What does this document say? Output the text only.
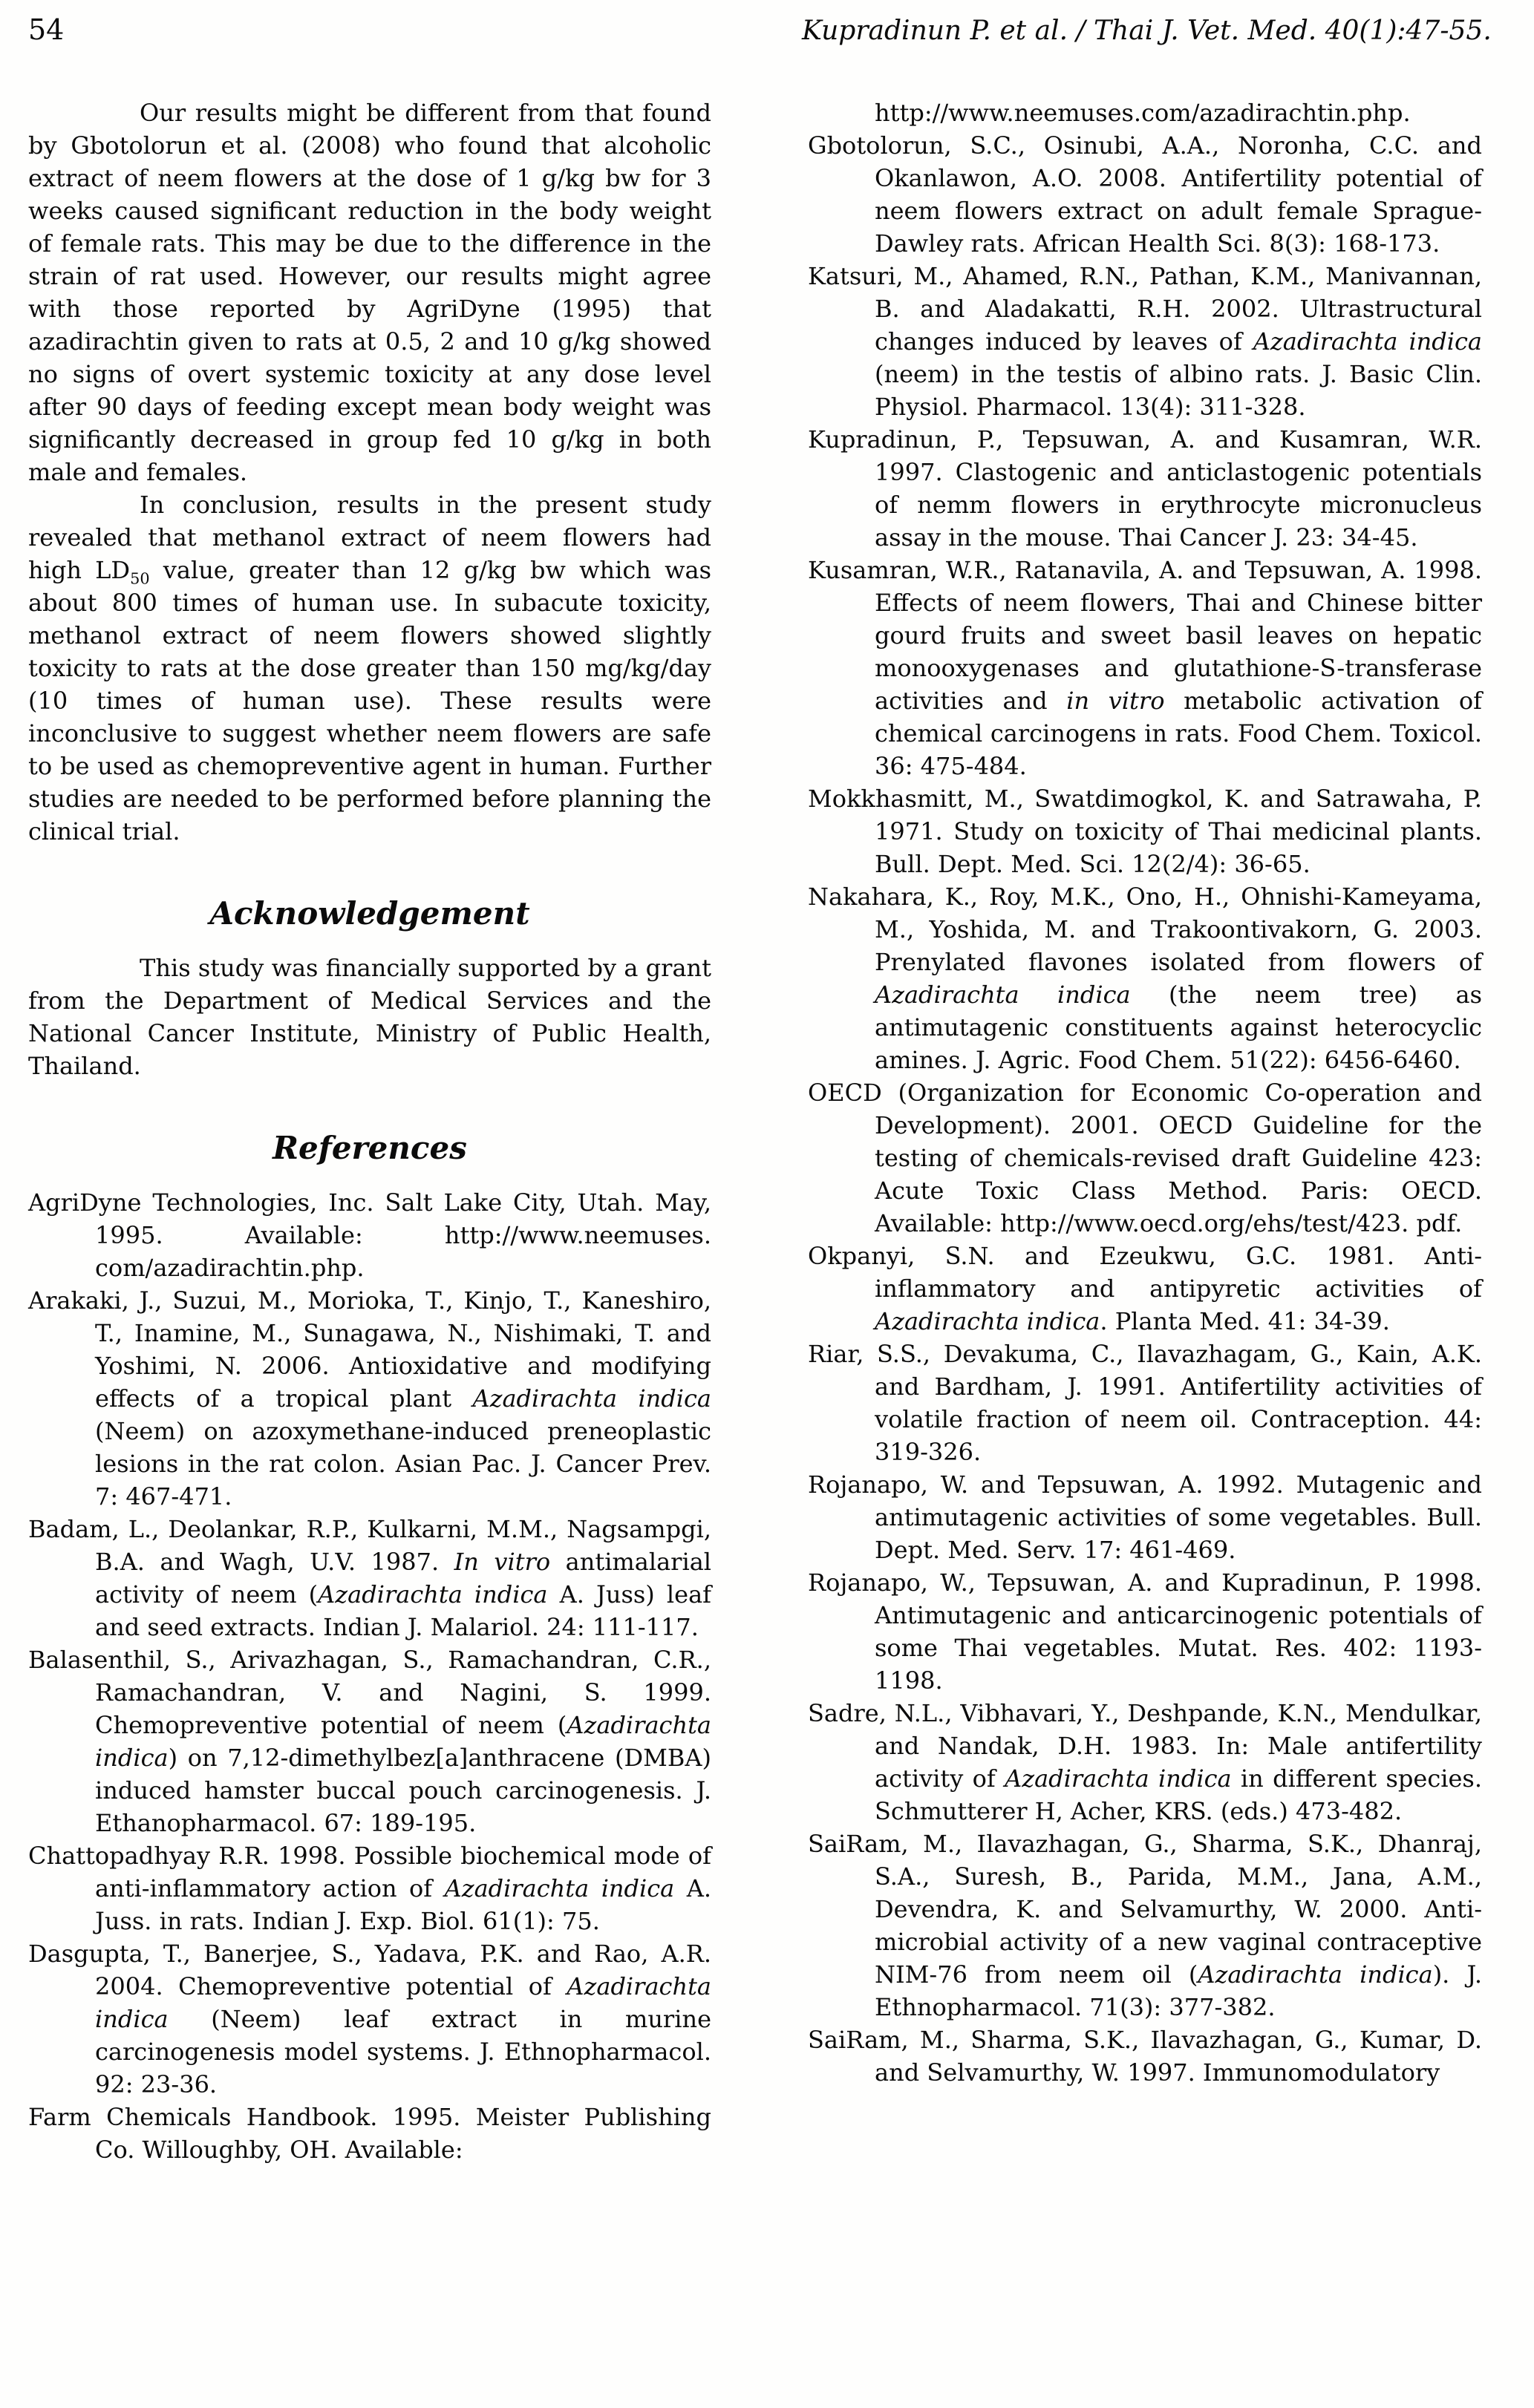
54	Kupradinun P. et al. / Thai J. Vet. Med. 40(1):47-55.

Our results might be different from that found by Gbotolorun et al. (2008) who found that alcoholic extract of neem flowers at the dose of 1 g/kg bw for 3 weeks caused significant reduction in the body weight of female rats. This may be due to the difference in the strain of rat used. However, our results might agree with those reported by AgriDyne (1995) that azadirachtin given to rats at 0.5, 2 and 10 g/kg showed no signs of overt systemic toxicity at any dose level after 90 days of feeding except mean body weight was significantly decreased in group fed 10 g/kg in both male and females.

In conclusion, results in the present study revealed that methanol extract of neem flowers had high $LD_{50}$ value, greater than 12 g/kg bw which was about 800 times of human use. In subacute toxicity, methanol extract of neem flowers showed slightly toxicity to rats at the dose greater than 150 mg/kg/day (10 times of human use). These results were inconclusive to suggest whether neem flowers are safe to be used as chemopreventive agent in human. Further studies are needed to be performed before planning the clinical trial.

Acknowledgement

This study was financially supported by a grant from the Department of Medical Services and the National Cancer Institute, Ministry of Public Health, Thailand.

References

AgriDyne Technologies, Inc. Salt Lake City, Utah. May, 1995. Available: http://www.neemuses. com/azadirachtin.php.

Arakaki, J., Suzui, M., Morioka, T., Kinjo, T., Kaneshiro, T., Inamine, M., Sunagawa, N., Nishimaki, T. and Yoshimi, N. 2006. Antioxidative and modifying effects of a tropical plant Azadirachta indica (Neem) on azoxymethane-induced preneoplastic lesions in the rat colon. Asian Pac. J. Cancer Prev. 7: 467-471.

Badam, L., Deolankar, R.P., Kulkarni, M.M., Nagsampgi, B.A. and Wagh, U.V. 1987. In vitro antimalarial activity of neem (Azadirachta indica A. Juss) leaf and seed extracts. Indian J. Malariol. 24: 111-117.

Balasenthil, S., Arivazhagan, S., Ramachandran, C.R., Ramachandran, V. and Nagini, S. 1999. Chemopreventive potential of neem (Azadirachta indica) on 7,12-dimethylbez[a]anthracene (DMBA) induced hamster buccal pouch carcinogenesis. J. Ethanopharmacol. 67: 189-195.

Chattopadhyay R.R. 1998. Possible biochemical mode of anti-inflammatory action of Azadirachta indica A. Juss. in rats. Indian J. Exp. Biol. 61(1): 75.

Dasgupta, T., Banerjee, S., Yadava, P.K. and Rao, A.R. 2004. Chemopreventive potential of Azadirachta indica (Neem) leaf extract in murine carcinogenesis model systems. J. Ethnopharmacol. 92: 23-36.

Farm Chemicals Handbook. 1995. Meister Publishing Co. Willoughby, OH. Available:

http://www.neemuses.com/azadirachtin.php.

Gbotolorun, S.C., Osinubi, A.A., Noronha, C.C. and Okanlawon, A.O. 2008. Antifertility potential of neem flowers extract on adult female Sprague-Dawley rats. African Health Sci. 8(3): 168-173.

Katsuri, M., Ahamed, R.N., Pathan, K.M., Manivannan, B. and Aladakatti, R.H. 2002. Ultrastructural changes induced by leaves of Azadirachta indica (neem) in the testis of albino rats. J. Basic Clin. Physiol. Pharmacol. 13(4): 311-328.

Kupradinun, P., Tepsuwan, A. and Kusamran, W.R. 1997. Clastogenic and anticlastogenic potentials of nemm flowers in erythrocyte micronucleus assay in the mouse. Thai Cancer J. 23: 34-45.

Kusamran, W.R., Ratanavila, A. and Tepsuwan, A. 1998. Effects of neem flowers, Thai and Chinese bitter gourd fruits and sweet basil leaves on hepatic monooxygenases and glutathione-S-transferase activities and in vitro metabolic activation of chemical carcinogens in rats. Food Chem. Toxicol. 36: 475-484.

Mokkhasmitt, M., Swatdimogkol, K. and Satrawaha, P. 1971. Study on toxicity of Thai medicinal plants. Bull. Dept. Med. Sci. 12(2/4): 36-65.

Nakahara, K., Roy, M.K., Ono, H., Ohnishi-Kameyama, M., Yoshida, M. and Trakoontivakorn, G. 2003. Prenylated flavones isolated from flowers of Azadirachta indica (the neem tree) as antimutagenic constituents against heterocyclic amines. J. Agric. Food Chem. 51(22): 6456-6460.

OECD (Organization for Economic Co-operation and Development). 2001. OECD Guideline for the testing of chemicals-revised draft Guideline 423: Acute Toxic Class Method. Paris: OECD. Available: http://www.oecd.org/ehs/test/423. pdf.

Okpanyi, S.N. and Ezeukwu, G.C. 1981. Anti-inflammatory and antipyretic activities of Azadirachta indica. Planta Med. 41: 34-39.

Riar, S.S., Devakuma, C., Ilavazhagam, G., Kain, A.K. and Bardham, J. 1991. Antifertility activities of volatile fraction of neem oil. Contraception. 44: 319-326.

Rojanapo, W. and Tepsuwan, A. 1992. Mutagenic and antimutagenic activities of some vegetables. Bull. Dept. Med. Serv. 17: 461-469.

Rojanapo, W., Tepsuwan, A. and Kupradinun, P. 1998. Antimutagenic and anticarcinogenic potentials of some Thai vegetables. Mutat. Res. 402: 1193-1198.

Sadre, N.L., Vibhavari, Y., Deshpande, K.N., Mendulkar, and Nandak, D.H. 1983. In: Male antifertility activity of Azadirachta indica in different species. Schmutterer H, Acher, KRS. (eds.) 473-482.

SaiRam, M., Ilavazhagan, G., Sharma, S.K., Dhanraj, S.A., Suresh, B., Parida, M.M., Jana, A.M., Devendra, K. and Selvamurthy, W. 2000. Anti-microbial activity of a new vaginal contraceptive NIM-76 from neem oil (Azadirachta indica). J. Ethnopharmacol. 71(3): 377-382.

SaiRam, M., Sharma, S.K., Ilavazhagan, G., Kumar, D. and Selvamurthy, W. 1997. Immunomodulatory
